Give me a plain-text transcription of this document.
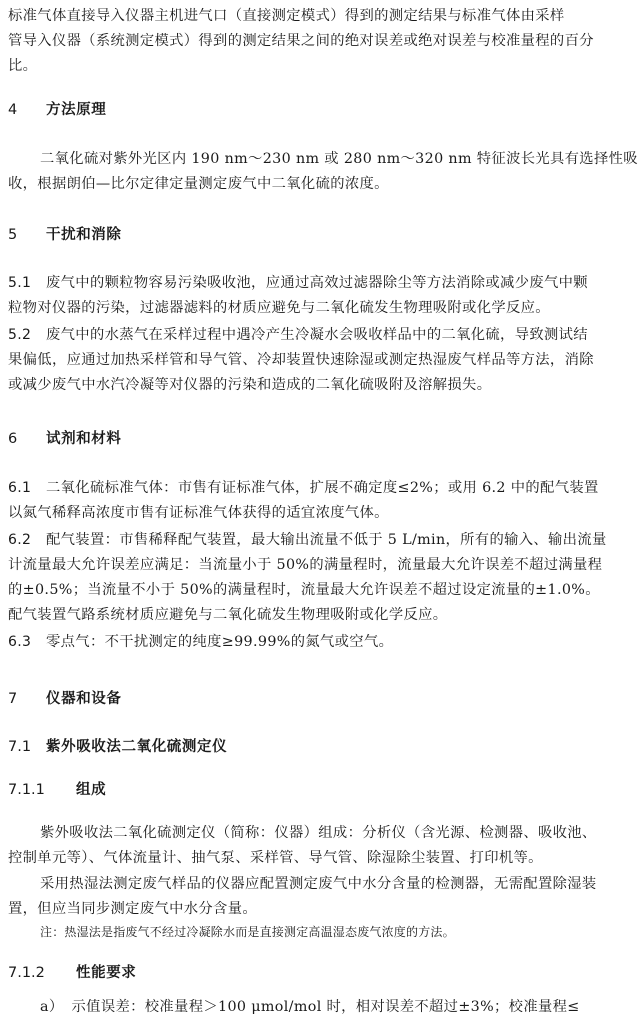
标准气体直接导入仪器主机进气口（直接测定模式）得到的测定结果与标准气体由采样
管导入仪器（系统测定模式）得到的测定结果之间的绝对误差或绝对误差与校准量程的百分
比。
4 方法原理
二氧化硫对紫外光区内 190 nm～230 nm 或 280 nm～320 nm 特征波长光具有选择性吸
收，根据朗伯—比尔定律定量测定废气中二氧化硫的浓度。
5 干扰和消除
5.1 废气中的颗粒物容易污染吸收池，应通过高效过滤器除尘等方法消除或减少废气中颗
粒物对仪器的污染，过滤器滤料的材质应避免与二氧化硫发生物理吸附或化学反应。
5.2 废气中的水蒸气在采样过程中遇冷产生冷凝水会吸收样品中的二氧化硫，导致测试结
果偏低，应通过加热采样管和导气管、冷却装置快速除湿或测定热湿废气样品等方法，消除
或减少废气中水汽冷凝等对仪器的污染和造成的二氧化硫吸附及溶解损失。
6 试剂和材料
6.1 二氧化硫标准气体：市售有证标准气体，扩展不确定度≤2%；或用 6.2 中的配气装置
以氮气稀释高浓度市售有证标准气体获得的适宜浓度气体。
6.2 配气装置：市售稀释配气装置，最大输出流量不低于 5 L/min，所有的输入、输出流量
计流量最大允许误差应满足：当流量小于 50%的满量程时，流量最大允许误差不超过满量程
的±0.5%；当流量不小于 50%的满量程时，流量最大允许误差不超过设定流量的±1.0%。
配气装置气路系统材质应避免与二氧化硫发生物理吸附或化学反应。
6.3 零点气：不干扰测定的纯度≥99.99%的氮气或空气。
7 仪器和设备
7.1 紫外吸收法二氧化硫测定仪
7.1.1 组成
紫外吸收法二氧化硫测定仪（简称：仪器）组成：分析仪（含光源、检测器、吸收池、
控制单元等）、气体流量计、抽气泵、采样管、导气管、除湿除尘装置、打印机等。
采用热湿法测定废气样品的仪器应配置测定废气中水分含量的检测器，无需配置除湿装
置，但应当同步测定废气中水分含量。
注：热湿法是指废气不经过冷凝除水而是直接测定高温湿态废气浓度的方法。
7.1.2 性能要求
a） 示值误差：校准量程＞100 μmol/mol 时，相对误差不超过±3%；校准量程≤
